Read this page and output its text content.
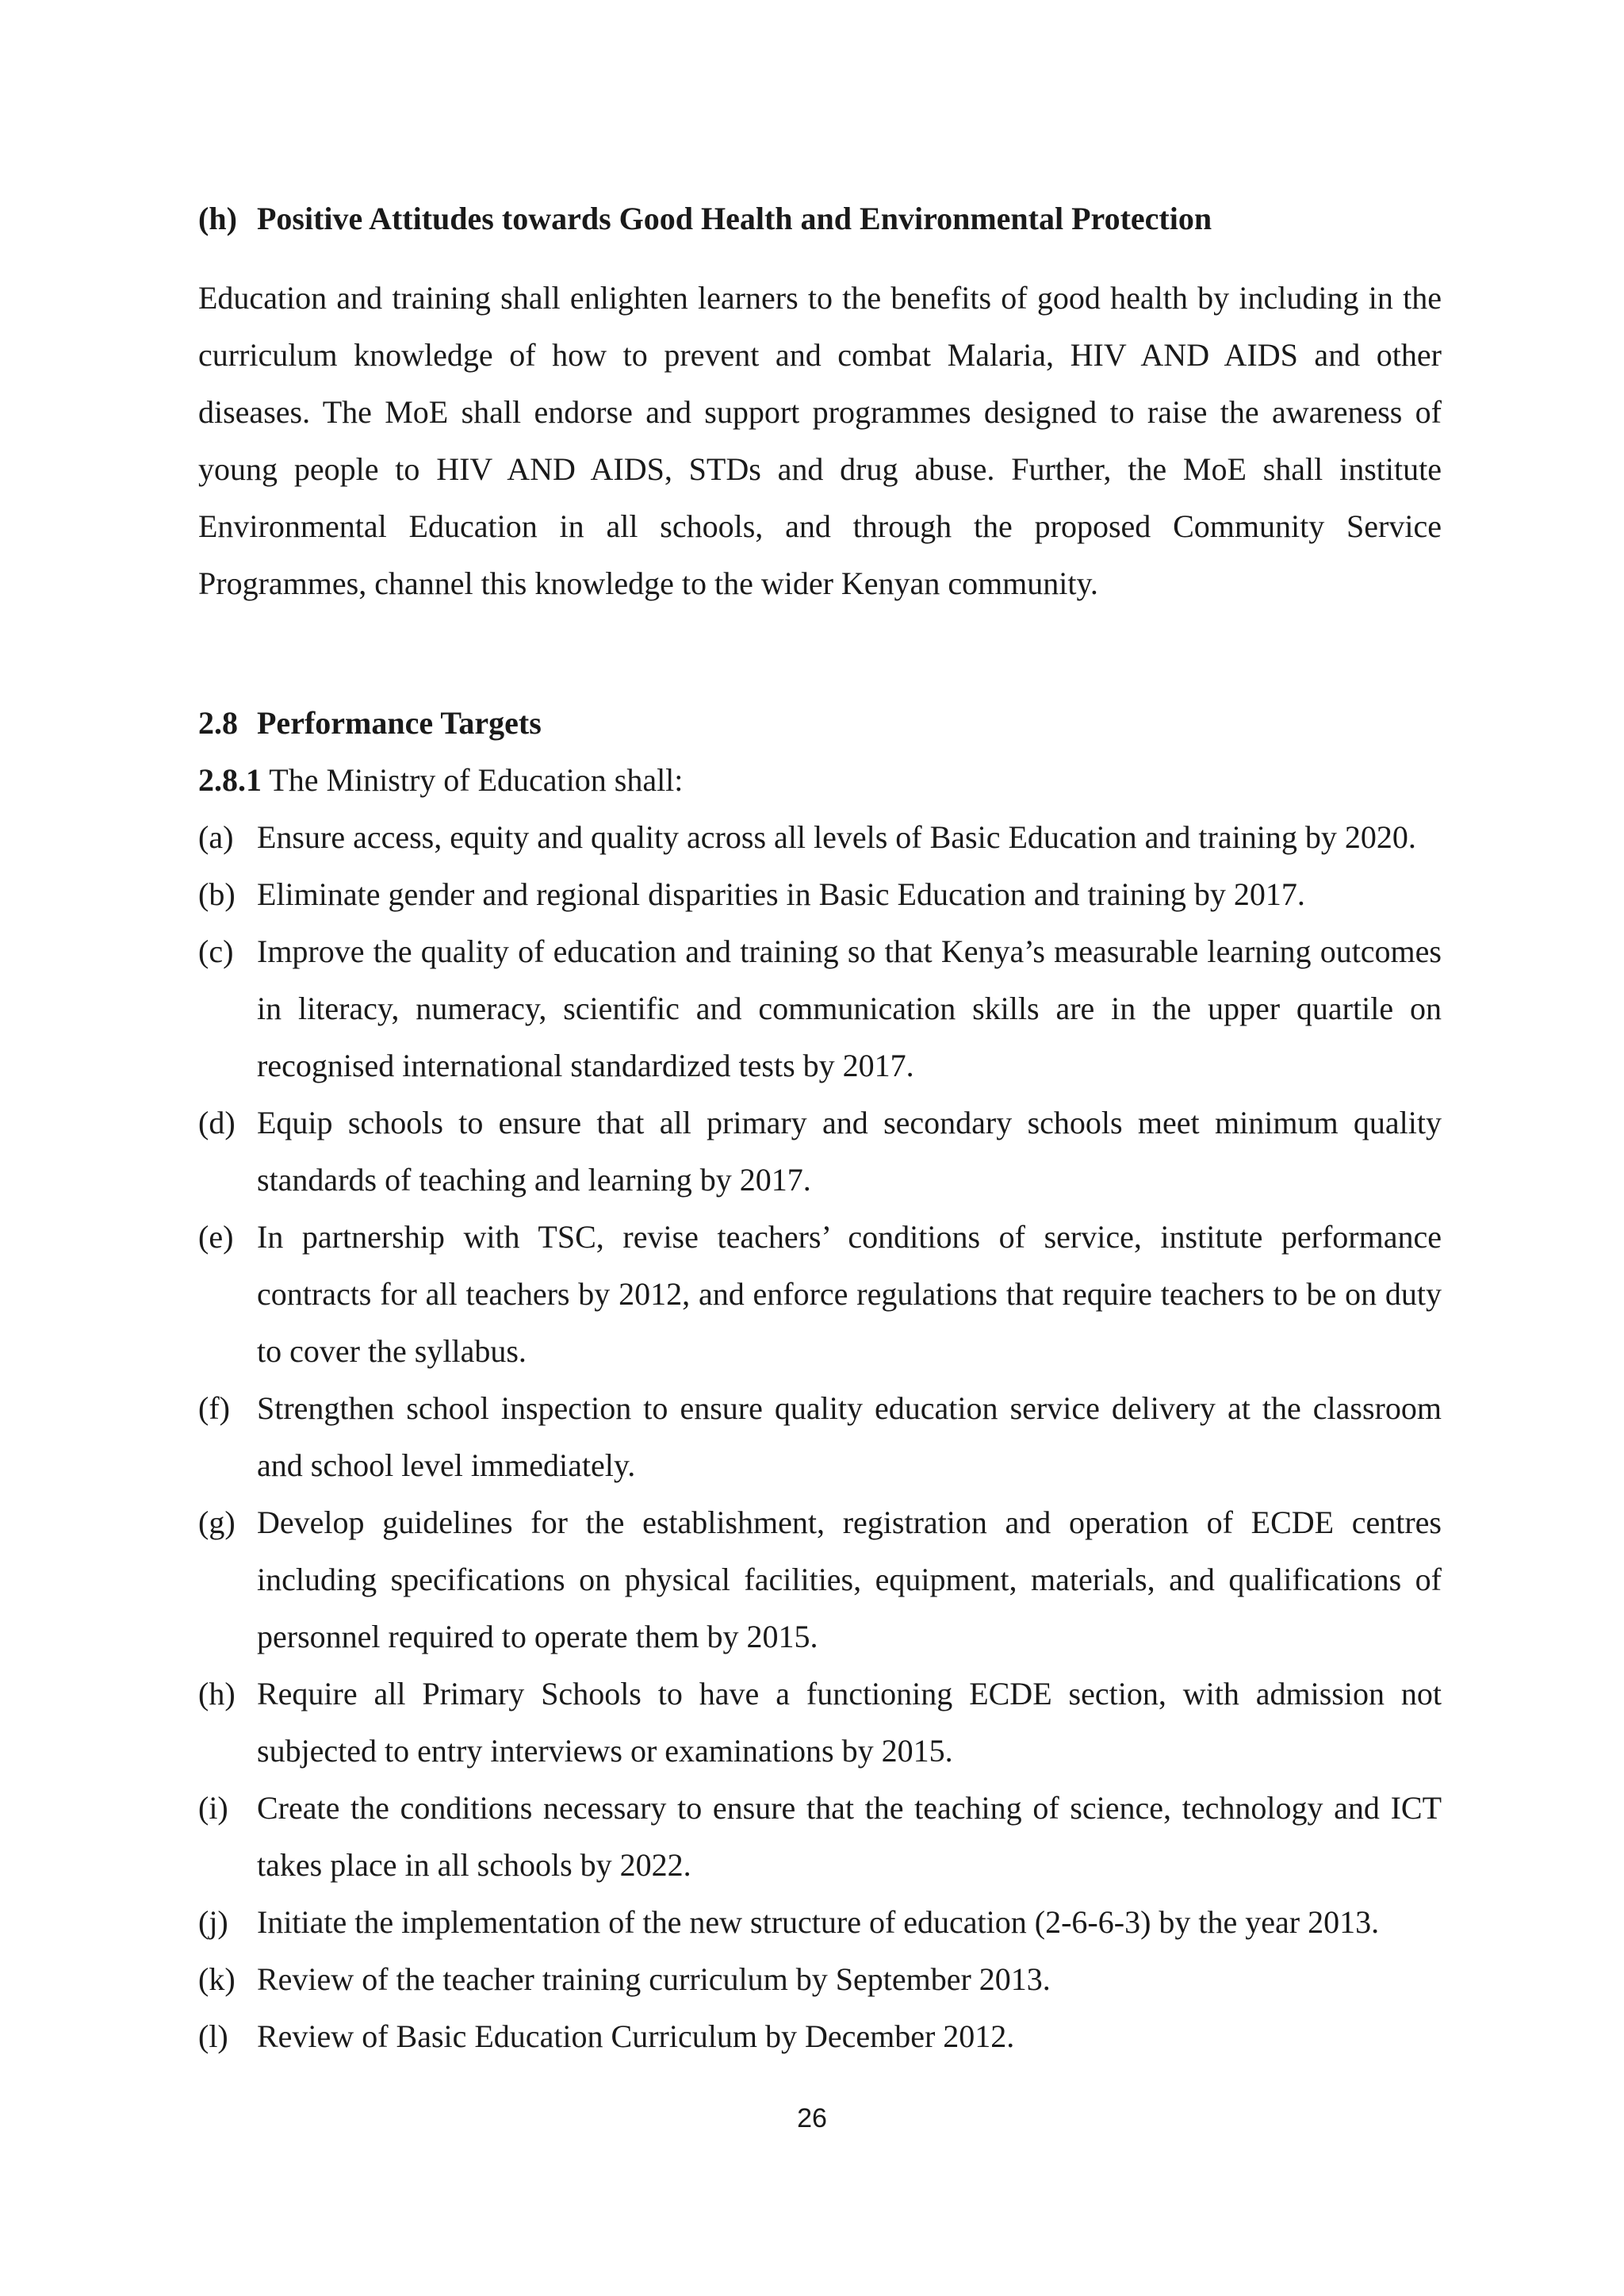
(h) Positive Attitudes towards Good Health and Environmental Protection

Education and training shall enlighten learners to the benefits of good health by including in the curriculum knowledge of how to prevent and combat Malaria, HIV AND AIDS and other diseases. The MoE shall endorse and support programmes designed to raise the awareness of young people to HIV AND AIDS, STDs and drug abuse. Further, the MoE shall institute Environmental Education in all schools, and through the proposed Community Service Programmes, channel this knowledge to the wider Kenyan community.

2.8 Performance Targets

2.8.1 The Ministry of Education shall:

(a) Ensure access, equity and quality across all levels of Basic Education and training by 2020.
(b) Eliminate gender and regional disparities in Basic Education and training by 2017.
(c) Improve the quality of education and training so that Kenya’s measurable learning outcomes in literacy, numeracy, scientific and communication skills are in the upper quartile on recognised international standardized tests by 2017.
(d) Equip schools to ensure that all primary and secondary schools meet minimum quality standards of teaching and learning by 2017.
(e) In partnership with TSC, revise teachers’ conditions of service, institute performance contracts for all teachers by 2012, and enforce regulations that require teachers to be on duty to cover the syllabus.
(f) Strengthen school inspection to ensure quality education service delivery at the classroom and school level immediately.
(g) Develop guidelines for the establishment, registration and operation of ECDE centres including specifications on physical facilities, equipment, materials, and qualifications of personnel required to operate them by 2015.
(h) Require all Primary Schools to have a functioning ECDE section, with admission not subjected to entry interviews or examinations by 2015.
(i) Create the conditions necessary to ensure that the teaching of science, technology and ICT takes place in all schools by 2022.
(j) Initiate the implementation of the new structure of education (2-6-6-3) by the year 2013.
(k) Review of the teacher training curriculum by September 2013.
(l) Review of Basic Education Curriculum by December 2012.
26
